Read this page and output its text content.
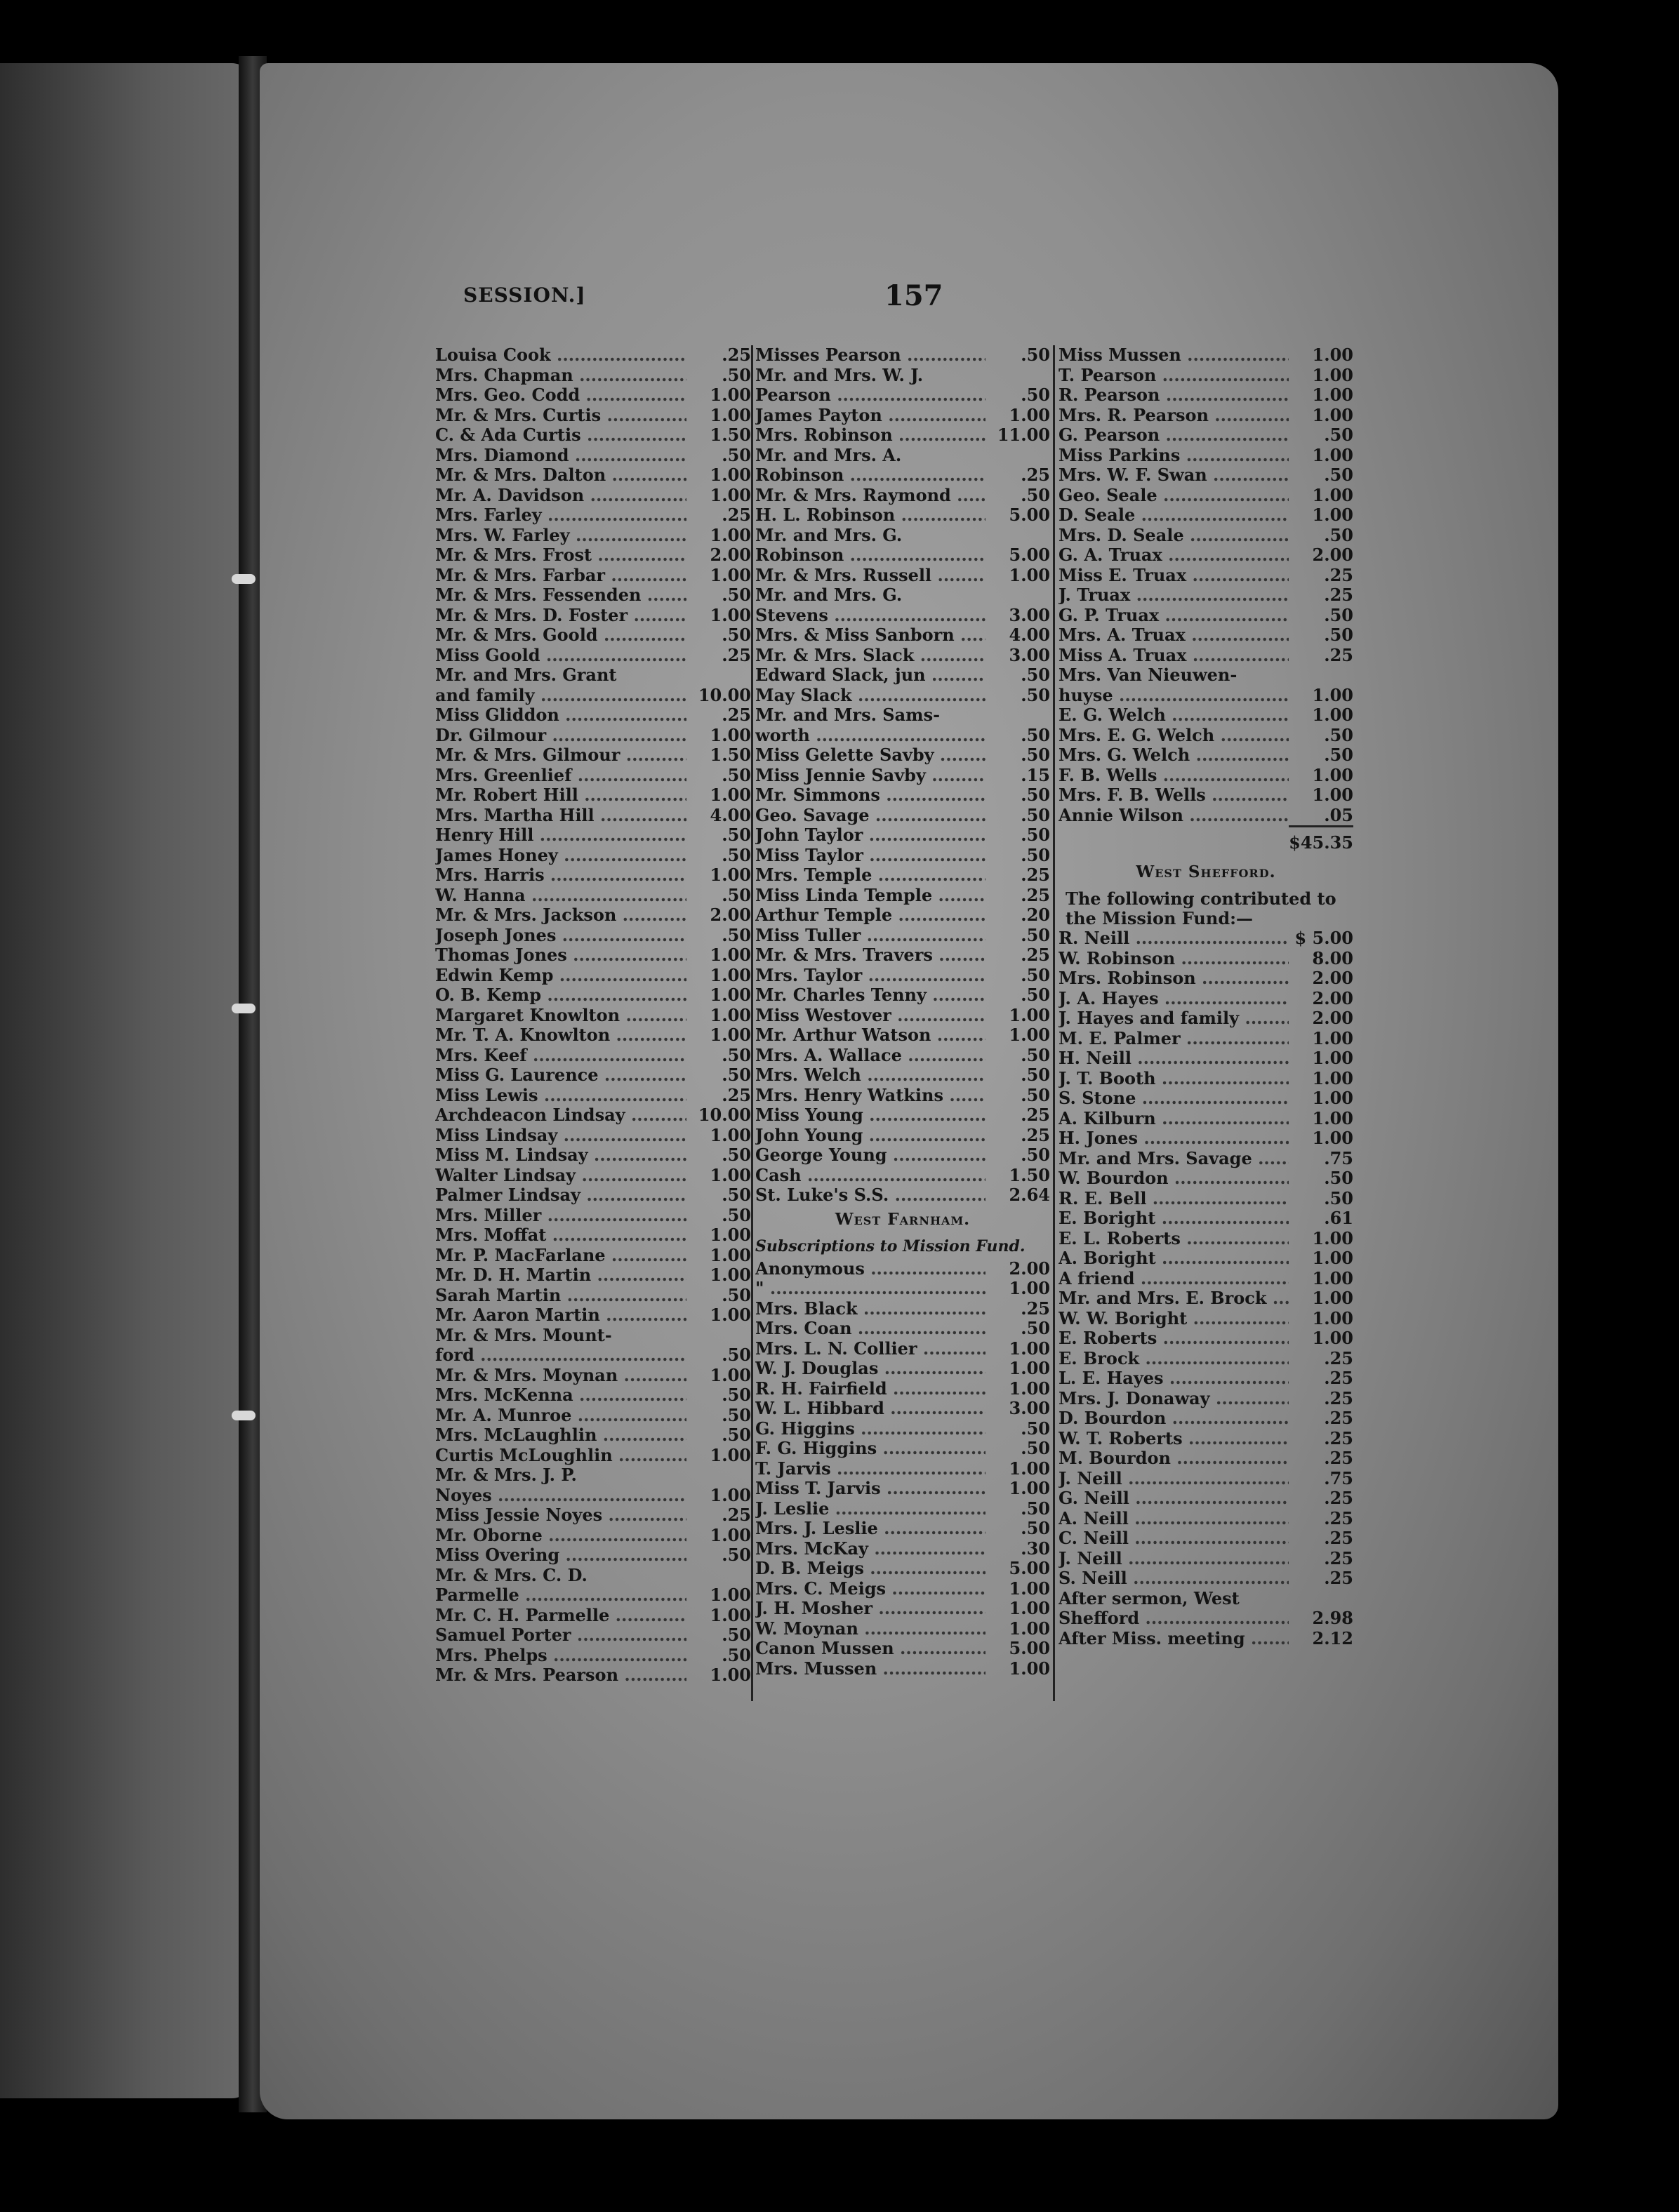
SESSION.]	157
Louisa Cook .....	.25
Mrs. Chapman .....	.50
Mrs. Geo. Codd .....	1.00
Mr. & Mrs. Curtis .....	1.00
C. & Ada Curtis .....	1.50
Mrs. Diamond .....	.50
Mr. & Mrs. Dalton .....	1.00
Mr. A. Davidson .....	1.00
Mrs. Farley .....	.25
Mrs. W. Farley .....	1.00
Mr. & Mrs. Frost .....	2.00
Mr. & Mrs. Farbar .....	1.00
Mr. & Mrs. Fessenden .....	.50
Mr. & Mrs. D. Foster .....	1.00
Mr. & Mrs. Goold .....	.50
Miss Goold .....	.25
Mr. and Mrs. Grant
and family .....	10.00
Miss Gliddon .....	.25
Dr. Gilmour .....	1.00
Mr. & Mrs. Gilmour .....	1.50
Mrs. Greenlief .....	.50
Mr. Robert Hill .....	1.00
Mrs. Martha Hill .....	4.00
Henry Hill .....	.50
James Honey .....	.50
Mrs. Harris .....	1.00
W. Hanna .....	.50
Mr. & Mrs. Jackson .....	2.00
Joseph Jones .....	.50
Thomas Jones .....	1.00
Edwin Kemp .....	1.00
O. B. Kemp .....	1.00
Margaret Knowlton .....	1.00
Mr. T. A. Knowlton .....	1.00
Mrs. Keef .....	.50
Miss G. Laurence .....	.50
Miss Lewis .....	.25
Archdeacon Lindsay .....	10.00
Miss Lindsay .....	1.00
Miss M. Lindsay .....	.50
Walter Lindsay .....	1.00
Palmer Lindsay .....	.50
Mrs. Miller .....	.50
Mrs. Moffat .....	1.00
Mr. P. MacFarlane .....	1.00
Mr. D. H. Martin .....	1.00
Sarah Martin .....	.50
Mr. Aaron Martin .....	1.00
Mr. & Mrs. Mount-
ford .....	.50
Mr. & Mrs. Moynan .....	1.00
Mrs. McKenna .....	.50
Mr. A. Munroe .....	.50
Mrs. McLaughlin .....	.50
Curtis McLoughlin .....	1.00
Mr. & Mrs. J. P.
Noyes .....	1.00
Miss Jessie Noyes .....	.25
Mr. Oborne .....	1.00
Miss Overing .....	.50
Mr. & Mrs. C. D.
Parmelle .....	1.00
Mr. C. H. Parmelle .....	1.00
Samuel Porter .....	.50
Mrs. Phelps .....	.50
Mr. & Mrs. Pearson .....	1.00
Misses Pearson .....	.50
Mr. and Mrs. W. J.
Pearson .....	.50
James Payton .....	1.00
Mrs. Robinson .....	11.00
Mr. and Mrs. A.
Robinson .....	.25
Mr. & Mrs. Raymond .....	.50
H. L. Robinson .....	5.00
Mr. and Mrs. G.
Robinson .....	5.00
Mr. & Mrs. Russell .....	1.00
Mr. and Mrs. G.
Stevens .....	3.00
Mrs. & Miss Sanborn .....	4.00
Mr. & Mrs. Slack .....	3.00
Edward Slack, jun .....	.50
May Slack .....	.50
Mr. and Mrs. Sams-
worth .....	.50
Miss Gelette Savby .....	.50
Miss Jennie Savby .....	.15
Mr. Simmons .....	.50
Geo. Savage .....	.50
John Taylor .....	.50
Miss Taylor .....	.50
Mrs. Temple .....	.25
Miss Linda Temple .....	.25
Arthur Temple .....	.20
Miss Tuller .....	.50
Mr. & Mrs. Travers .....	.25
Mrs. Taylor .....	.50
Mr. Charles Tenny .....	.50
Miss Westover .....	1.00
Mr. Arthur Watson .....	1.00
Mrs. A. Wallace .....	.50
Mrs. Welch .....	.50
Mrs. Henry Watkins .....	.50
Miss Young .....	.25
John Young .....	.25
George Young .....	.50
Cash .....	1.50
St. Luke's S.S. .....	2.64
West Farnham.
Subscriptions to Mission Fund.
Anonymous .....	2.00
" .....	1.00
Mrs. Black .....	.25
Mrs. Coan .....	.50
Mrs. L. N. Collier .....	1.00
W. J. Douglas .....	1.00
R. H. Fairfield .....	1.00
W. L. Hibbard .....	3.00
G. Higgins .....	.50
F. G. Higgins .....	.50
T. Jarvis .....	1.00
Miss T. Jarvis .....	1.00
J. Leslie .....	.50
Mrs. J. Leslie .....	.50
Mrs. McKay .....	.30
D. B. Meigs .....	5.00
Mrs. C. Meigs .....	1.00
J. H. Mosher .....	1.00
W. Moynan .....	1.00
Canon Mussen .....	5.00
Mrs. Mussen .....	1.00
Miss Mussen .....	1.00
T. Pearson .....	1.00
R. Pearson .....	1.00
Mrs. R. Pearson .....	1.00
G. Pearson .....	.50
Miss Parkins .....	1.00
Mrs. W. F. Swan .....	.50
Geo. Seale .....	1.00
D. Seale .....	1.00
Mrs. D. Seale .....	.50
G. A. Truax .....	2.00
Miss E. Truax .....	.25
J. Truax .....	.25
G. P. Truax .....	.50
Mrs. A. Truax .....	.50
Miss A. Truax .....	.25
Mrs. Van Nieuwen-
huyse .....	1.00
E. G. Welch .....	1.00
Mrs. E. G. Welch .....	.50
Mrs. G. Welch .....	.50
F. B. Wells .....	1.00
Mrs. F. B. Wells .....	1.00
Annie Wilson .....	.05
$45.35
West Shefford.
The following contributed to the Mission Fund:—
R. Neill .....	$ 5.00
W. Robinson .....	8.00
Mrs. Robinson .....	2.00
J. A. Hayes .....	2.00
J. Hayes and family .....	2.00
M. E. Palmer .....	1.00
H. Neill .....	1.00
J. T. Booth .....	1.00
S. Stone .....	1.00
A. Kilburn .....	1.00
H. Jones .....	1.00
Mr. and Mrs. Savage .....	.75
W. Bourdon .....	.50
R. E. Bell .....	.50
E. Boright .....	.61
E. L. Roberts .....	1.00
A. Boright .....	1.00
A friend .....	1.00
Mr. and Mrs. E. Brock .....	1.00
W. W. Boright .....	1.00
E. Roberts .....	1.00
E. Brock .....	.25
L. E. Hayes .....	.25
Mrs. J. Donaway .....	.25
D. Bourdon .....	.25
W. T. Roberts .....	.25
M. Bourdon .....	.25
J. Neill .....	.75
G. Neill .....	.25
A. Neill .....	.25
C. Neill .....	.25
J. Neill .....	.25
S. Neill .....	.25
After sermon, West
Shefford .....	2.98
After Miss. meeting .....	2.12
